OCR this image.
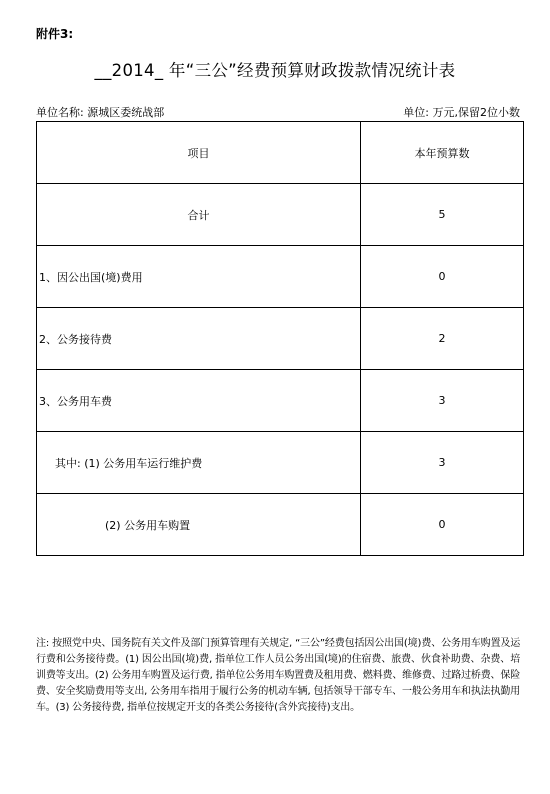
附件3:
__2014_ 年“三公”经费预算财政拨款情况统计表
单位名称: 源城区委统战部	单位: 万元,保留2位小数
项目	本年预算数
合计	5
1、因公出国(境)费用	0
2、公务接待费	2
3、公务用车费	3
其中: (1) 公务用车运行维护费	3
(2) 公务用车购置	0
注: 按照党中央、国务院有关文件及部门预算管理有关规定, “三公”经费包括因公出国(境)费、公务用车购置及运行费和公务接待费。(1) 因公出国(境)费, 指单位工作人员公务出国(境)的住宿费、旅费、伙食补助费、杂费、培训费等支出。(2) 公务用车购置及运行费, 指单位公务用车购置费及租用费、燃料费、维修费、过路过桥费、保险费、安全奖励费用等支出, 公务用车指用于履行公务的机动车辆, 包括领导干部专车、一般公务用车和执法执勤用车。(3) 公务接待费, 指单位按规定开支的各类公务接待(含外宾接待)支出。
